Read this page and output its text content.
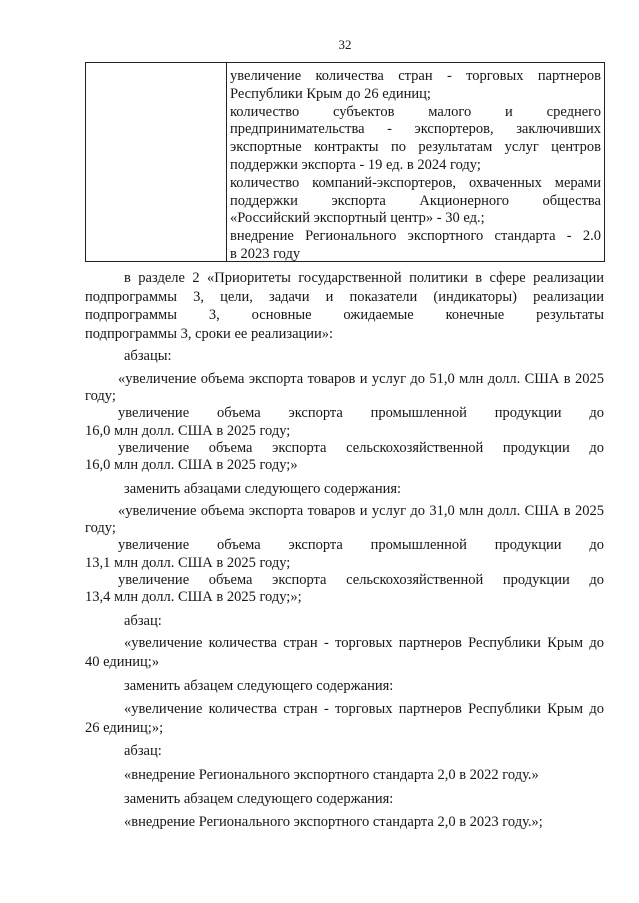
32
увеличение количества стран - торговых партнеров
Республики Крым до 26 единиц;
количество субъектов малого и среднего
предпринимательства - экспортеров, заключивших
экспортные контракты по результатам услуг центров
поддержки экспорта - 19 ед. в 2024 году;
количество компаний-экспортеров, охваченных мерами
поддержки экспорта Акционерного общества
«Российский экспортный центр» - 30 ед.;
внедрение Регионального экспортного стандарта - 2.0
в 2023 году
в разделе 2 «Приоритеты государственной политики в сфере реализации
подпрограммы 3, цели, задачи и показатели (индикаторы) реализации
подпрограммы 3, основные ожидаемые конечные результаты
подпрограммы 3, сроки ее реализации»:
абзацы:
«увеличение объема экспорта товаров и услуг до 51,0 млн долл. США в 2025
году;
увеличение объема экспорта промышленной продукции до
16,0 млн долл. США в 2025 году;
увеличение объема экспорта сельскохозяйственной продукции до
16,0 млн долл. США в 2025 году;»
заменить абзацами следующего содержания:
«увеличение объема экспорта товаров и услуг до 31,0 млн долл. США в 2025
году;
увеличение объема экспорта промышленной продукции до
13,1 млн долл. США в 2025 году;
увеличение объема экспорта сельскохозяйственной продукции до
13,4 млн долл. США в 2025 году;»;
абзац:
«увеличение количества стран - торговых партнеров Республики Крым до
40 единиц;»
заменить абзацем следующего содержания:
«увеличение количества стран - торговых партнеров Республики Крым до
26 единиц;»;
абзац:
«внедрение Регионального экспортного стандарта 2,0 в 2022 году.»
заменить абзацем следующего содержания:
«внедрение Регионального экспортного стандарта 2,0 в 2023 году.»;
